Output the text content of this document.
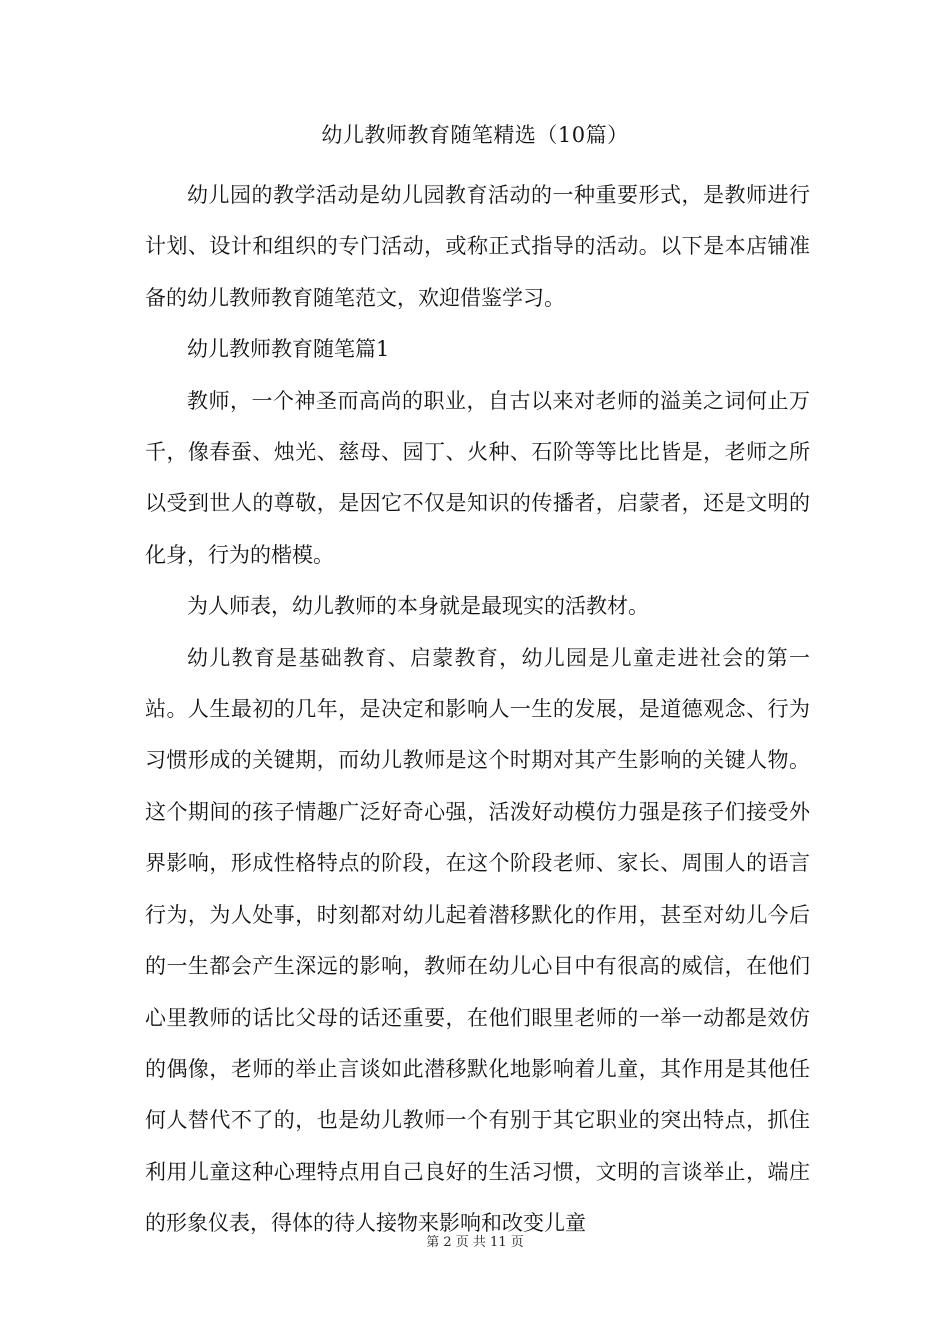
幼儿教师教育随笔精选（10篇）

幼儿园的教学活动是幼儿园教育活动的一种重要形式，是教师进行计划、设计和组织的专门活动，或称正式指导的活动。以下是本店铺准备的幼儿教师教育随笔范文，欢迎借鉴学习。

幼儿教师教育随笔篇1

教师，一个神圣而高尚的职业，自古以来对老师的溢美之词何止万千，像春蚕、烛光、慈母、园丁、火种、石阶等等比比皆是，老师之所以受到世人的尊敬，是因它不仅是知识的传播者，启蒙者，还是文明的化身，行为的楷模。

为人师表，幼儿教师的本身就是最现实的活教材。

幼儿教育是基础教育、启蒙教育，幼儿园是儿童走进社会的第一站。人生最初的几年，是决定和影响人一生的发展，是道德观念、行为习惯形成的关键期，而幼儿教师是这个时期对其产生影响的关键人物。这个期间的孩子情趣广泛好奇心强，活泼好动模仿力强是孩子们接受外界影响，形成性格特点的阶段，在这个阶段老师、家长、周围人的语言行为，为人处事，时刻都对幼儿起着潜移默化的作用，甚至对幼儿今后的一生都会产生深远的影响，教师在幼儿心目中有很高的威信，在他们心里教师的话比父母的话还重要，在他们眼里老师的一举一动都是效仿的偶像，老师的举止言谈如此潜移默化地影响着儿童，其作用是其他任何人替代不了的，也是幼儿教师一个有别于其它职业的突出特点，抓住利用儿童这种心理特点用自己良好的生活习惯，文明的言谈举止，端庄的形象仪表，得体的待人接物来影响和改变儿童

第 2 页 共 11 页
